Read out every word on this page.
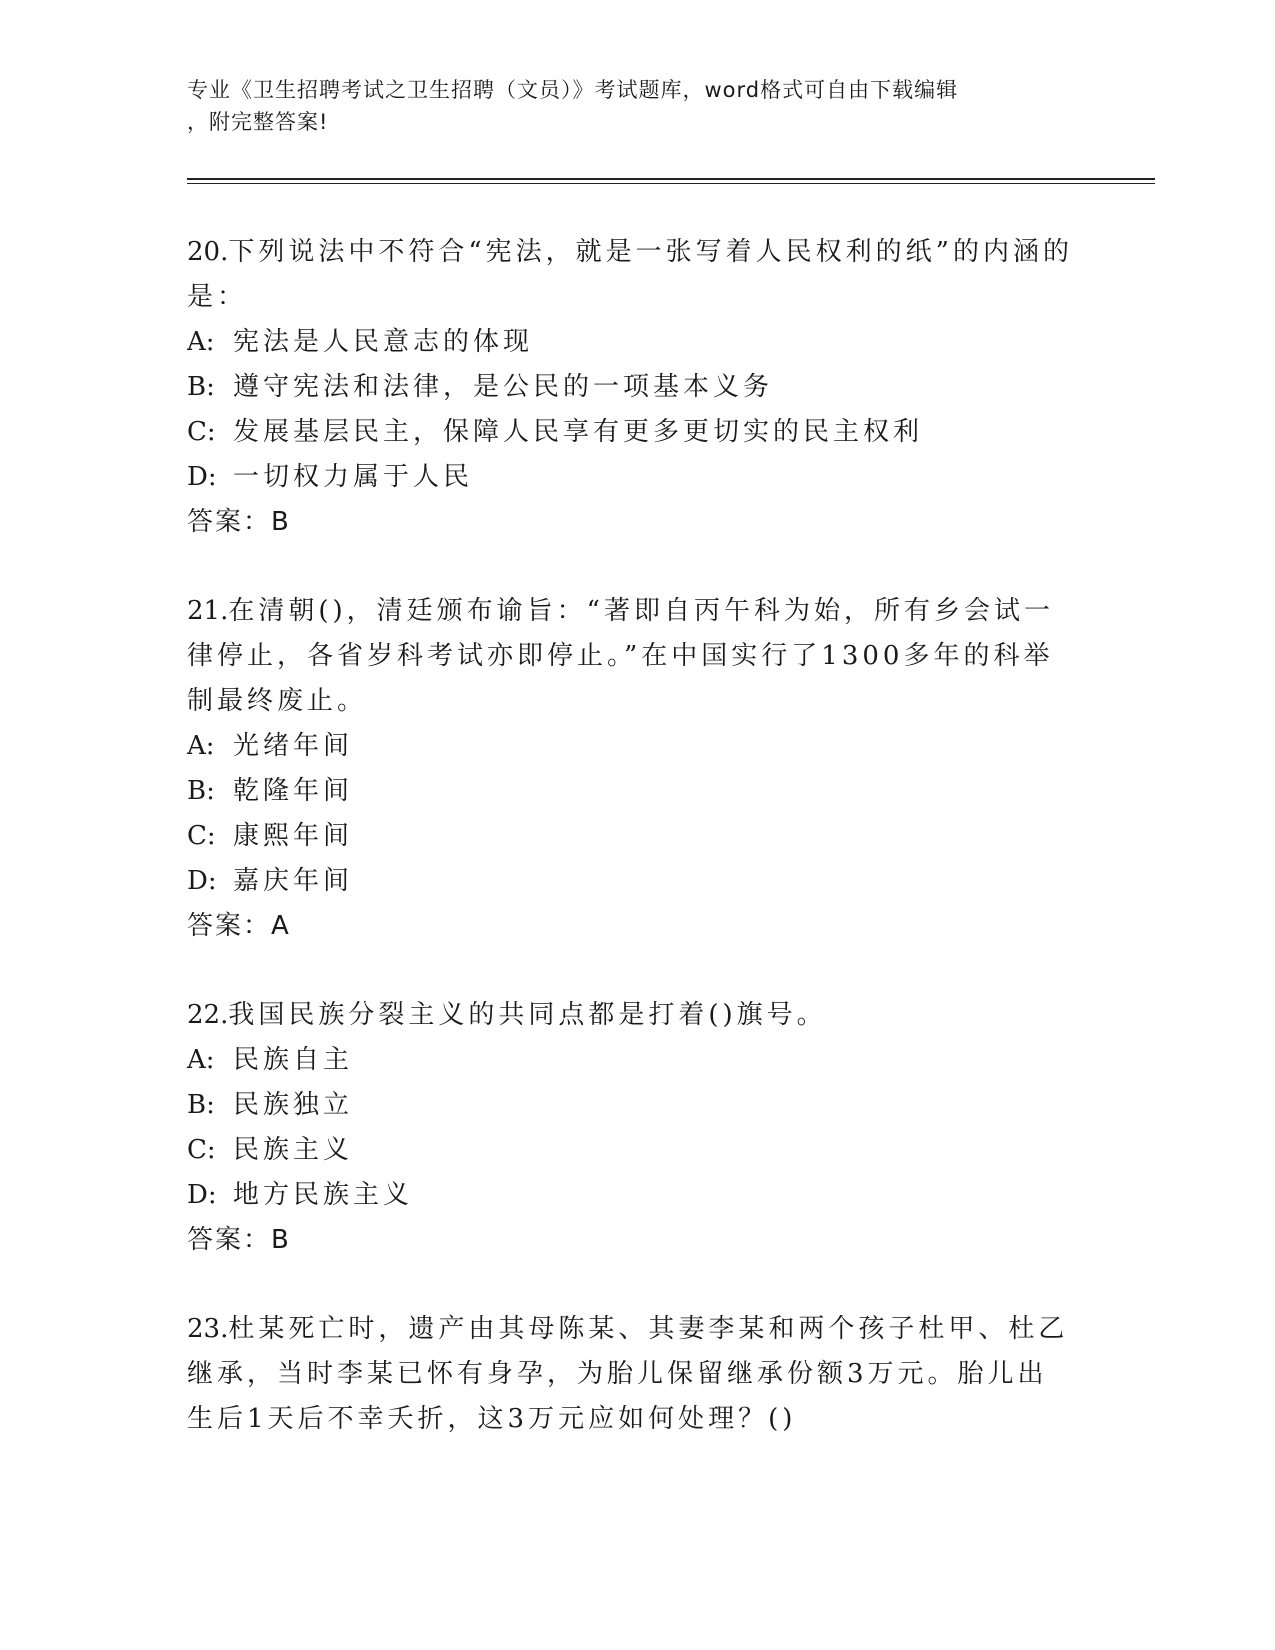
专业《卫生招聘考试之卫生招聘（文员）》考试题库，word格式可自由下载编辑
，附完整答案!

20.下列说法中不符合“宪法，就是一张写着人民权利的纸”的内涵的是：

A: 宪法是人民意志的体现
B: 遵守宪法和法律，是公民的一项基本义务
C: 发展基层民主，保障人民享有更多更切实的民主权利
D: 一切权力属于人民

答案：B

21.在清朝()，清廷颁布谕旨：“著即自丙午科为始，所有乡会试一律停止，各省岁科考试亦即停止。”在中国实行了1300多年的科举制最终废止。

A: 光绪年间
B: 乾隆年间
C: 康熙年间
D: 嘉庆年间

答案：A

22.我国民族分裂主义的共同点都是打着()旗号。

A: 民族自主
B: 民族独立
C: 民族主义
D: 地方民族主义

答案：B

23.杜某死亡时，遗产由其母陈某、其妻李某和两个孩子杜甲、杜乙继承，当时李某已怀有身孕，为胎儿保留继承份额3万元。胎儿出生后1天后不幸夭折，这3万元应如何处理？()
